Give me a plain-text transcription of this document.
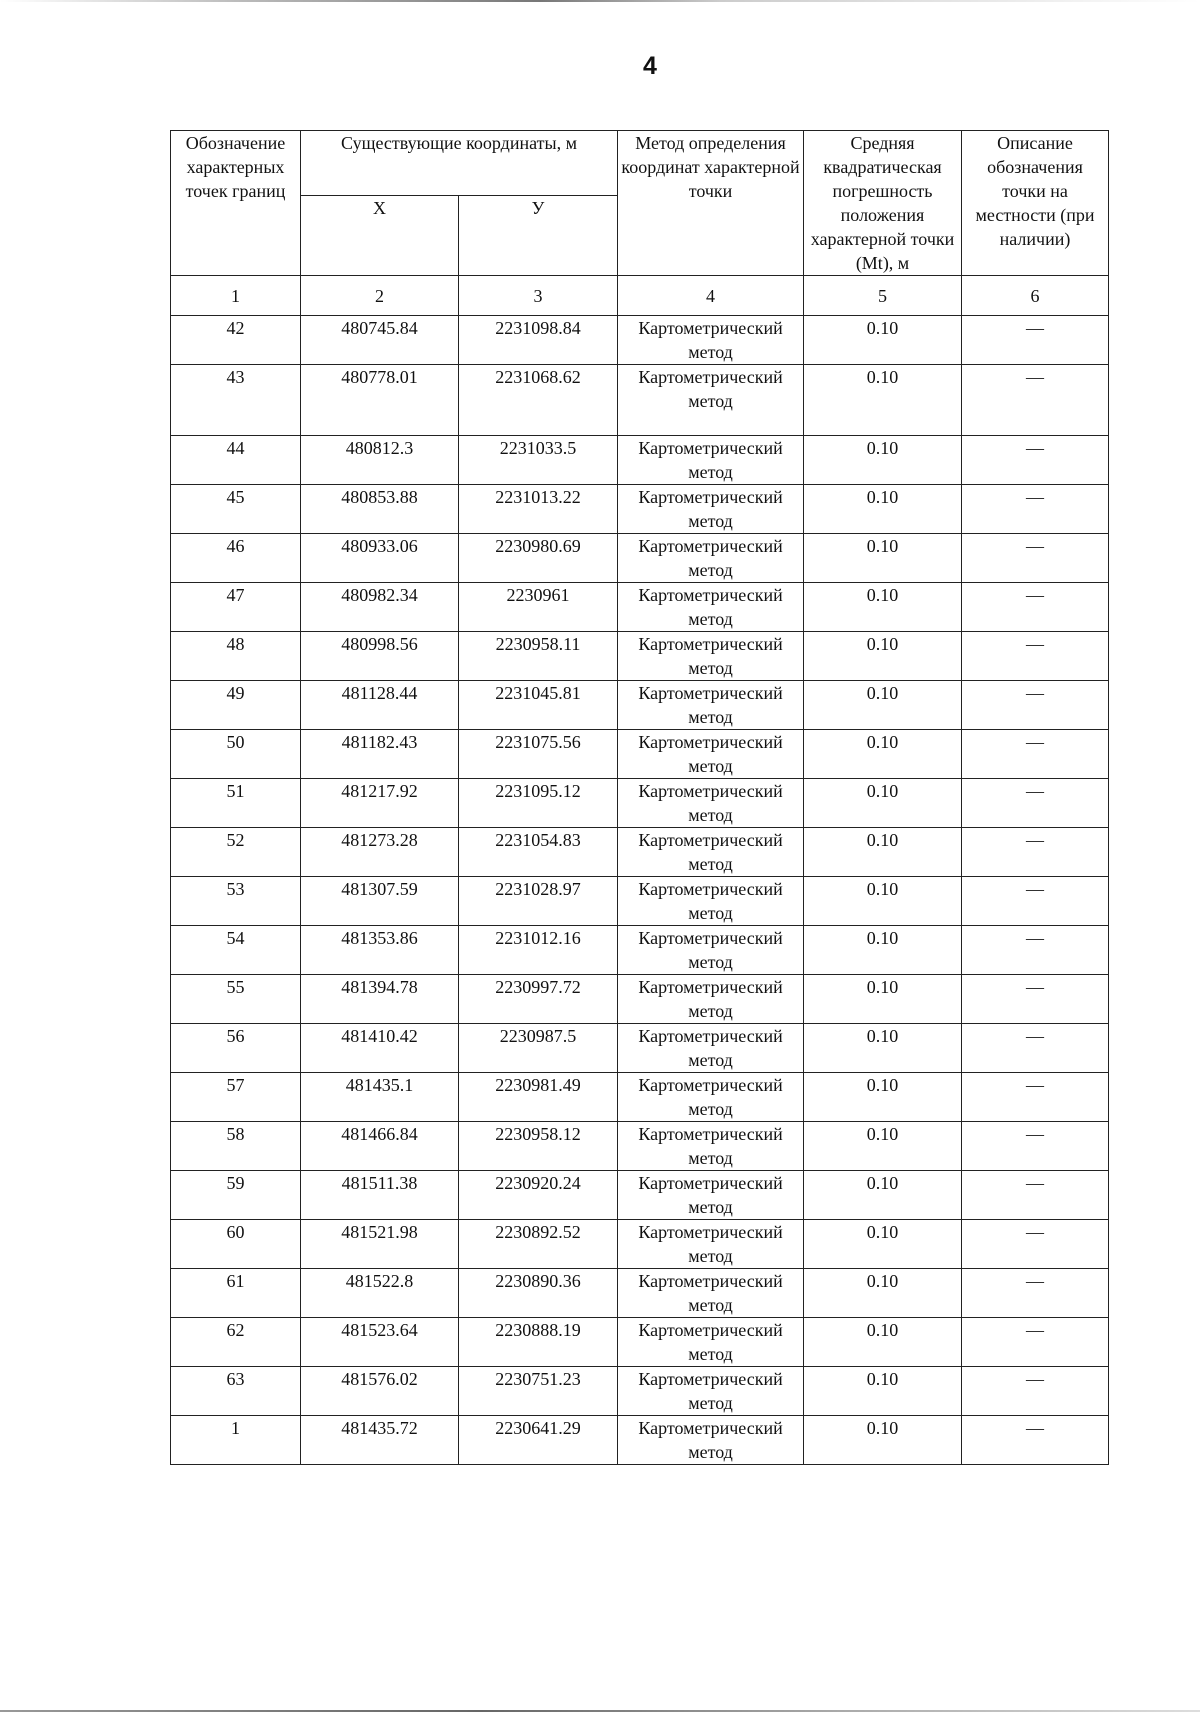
4
Обозначение характерных точек границ	Существующие координаты, м		Метод определения координат характерной точки	Средняя квадратическая погрешность положения характерной точки (Mt), м	Описание обозначения точки на местности (при наличии)
	Х	У			
1	2	3	4	5	6
42	480745.84	2231098.84	Картометрический метод	0.10	—
43	480778.01	2231068.62	Картометрический метод	0.10	—
44	480812.3	2231033.5	Картометрический метод	0.10	—
45	480853.88	2231013.22	Картометрический метод	0.10	—
46	480933.06	2230980.69	Картометрический метод	0.10	—
47	480982.34	2230961	Картометрический метод	0.10	—
48	480998.56	2230958.11	Картометрический метод	0.10	—
49	481128.44	2231045.81	Картометрический метод	0.10	—
50	481182.43	2231075.56	Картометрический метод	0.10	—
51	481217.92	2231095.12	Картометрический метод	0.10	—
52	481273.28	2231054.83	Картометрический метод	0.10	—
53	481307.59	2231028.97	Картометрический метод	0.10	—
54	481353.86	2231012.16	Картометрический метод	0.10	—
55	481394.78	2230997.72	Картометрический метод	0.10	—
56	481410.42	2230987.5	Картометрический метод	0.10	—
57	481435.1	2230981.49	Картометрический метод	0.10	—
58	481466.84	2230958.12	Картометрический метод	0.10	—
59	481511.38	2230920.24	Картометрический метод	0.10	—
60	481521.98	2230892.52	Картометрический метод	0.10	—
61	481522.8	2230890.36	Картометрический метод	0.10	—
62	481523.64	2230888.19	Картометрический метод	0.10	—
63	481576.02	2230751.23	Картометрический метод	0.10	—
1	481435.72	2230641.29	Картометрический метод	0.10	—
